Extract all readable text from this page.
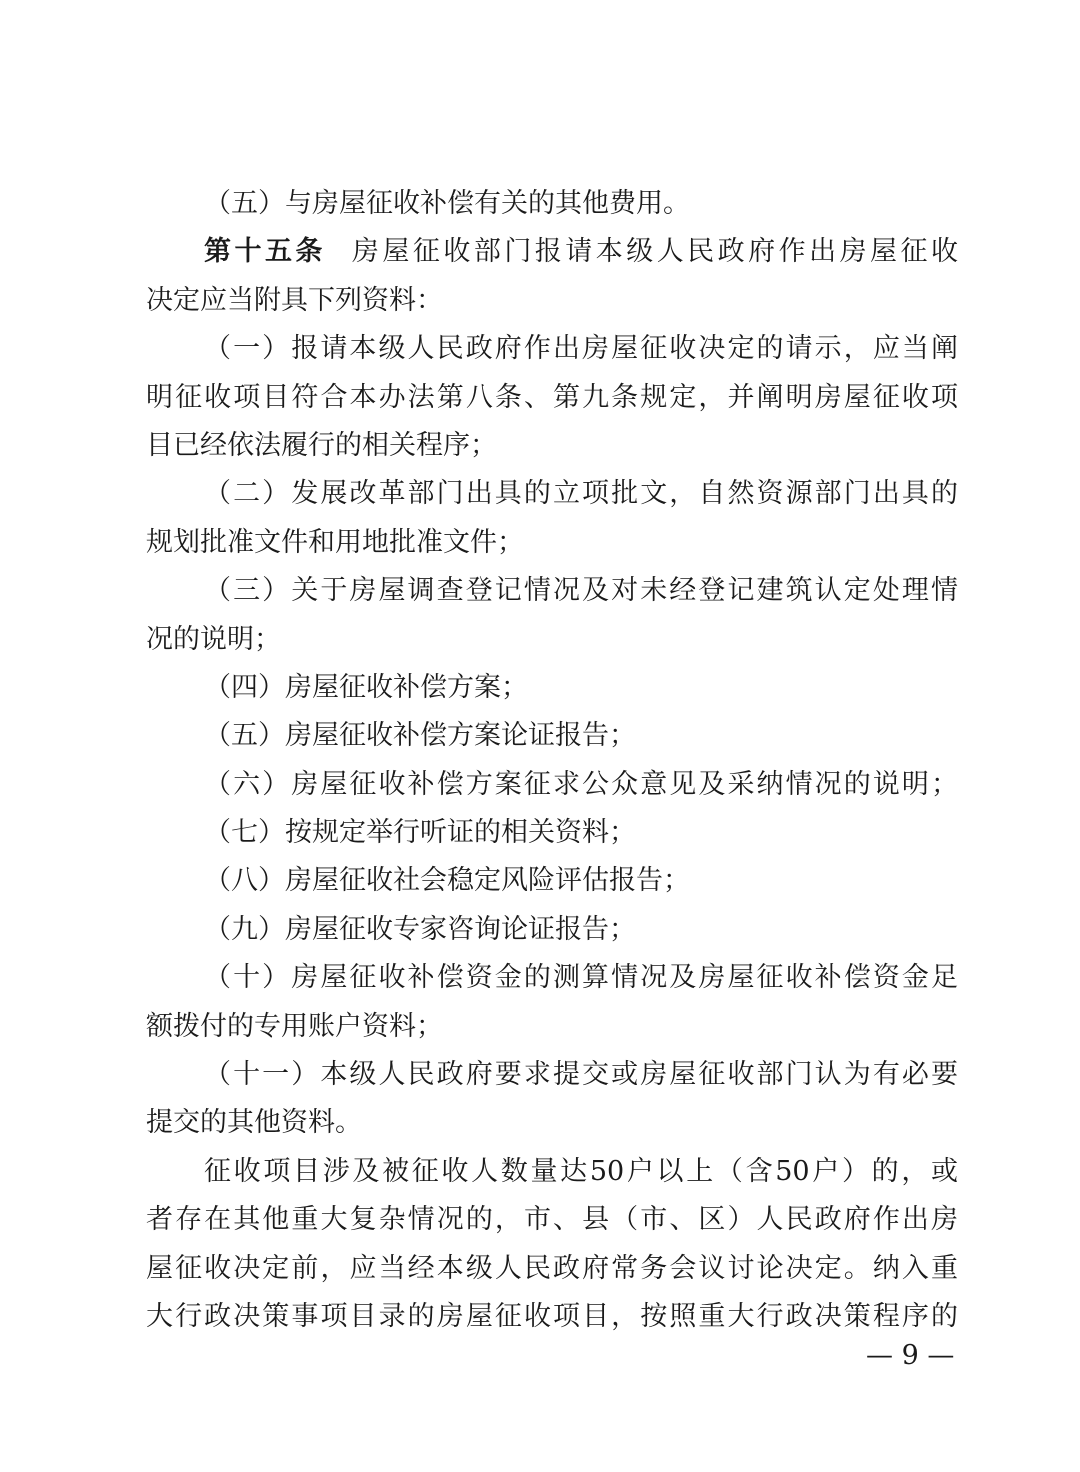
（五）与房屋征收补偿有关的其他费用。
第十五条 房屋征收部门报请本级人民政府作出房屋征收
决定应当附具下列资料：
（一）报请本级人民政府作出房屋征收决定的请示，应当阐
明征收项目符合本办法第八条、第九条规定，并阐明房屋征收项
目已经依法履行的相关程序；
（二）发展改革部门出具的立项批文，自然资源部门出具的
规划批准文件和用地批准文件；
（三）关于房屋调查登记情况及对未经登记建筑认定处理情
况的说明；
（四）房屋征收补偿方案；
（五）房屋征收补偿方案论证报告；
（六）房屋征收补偿方案征求公众意见及采纳情况的说明；
（七）按规定举行听证的相关资料；
（八）房屋征收社会稳定风险评估报告；
（九）房屋征收专家咨询论证报告；
（十）房屋征收补偿资金的测算情况及房屋征收补偿资金足
额拨付的专用账户资料；
（十一）本级人民政府要求提交或房屋征收部门认为有必要
提交的其他资料。
征收项目涉及被征收人数量达50户以上（含50户）的，或
者存在其他重大复杂情况的，市、县（市、区）人民政府作出房
屋征收决定前，应当经本级人民政府常务会议讨论决定。纳入重
大行政决策事项目录的房屋征收项目，按照重大行政决策程序的
— 9 —
